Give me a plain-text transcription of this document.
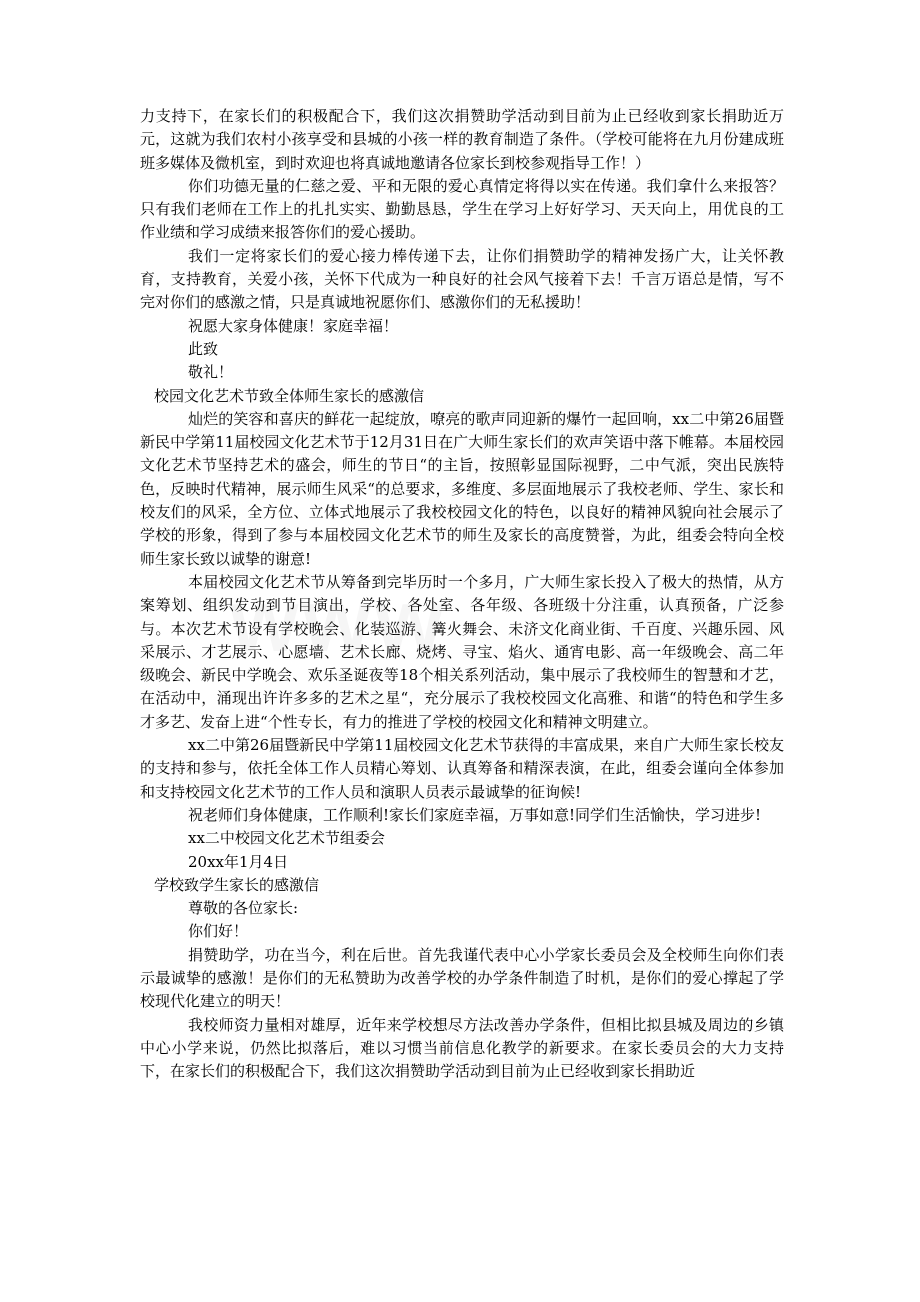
力支持下，在家长们的积极配合下，我们这次捐赞助学活动到目前为止已经收到家长捐助近万元，这就为我们农村小孩享受和县城的小孩一样的教育制造了条件。（学校可能将在九月份建成班班多媒体及微机室，到时欢迎也将真诚地邀请各位家长到校参观指导工作！）

你们功德无量的仁慈之爱、平和无限的爱心真情定将得以实在传递。我们拿什么来报答？只有我们老师在工作上的扎扎实实、勤勤恳恳，学生在学习上好好学习、天天向上，用优良的工作业绩和学习成绩来报答你们的爱心援助。

我们一定将家长们的爱心接力棒传递下去，让你们捐赞助学的精神发扬广大，让关怀教育，支持教育，关爱小孩，关怀下代成为一种良好的社会风气接着下去！千言万语总是情，写不完对你们的感激之情，只是真诚地祝愿你们、感激你们的无私援助！

祝愿大家身体健康！家庭幸福！

此致

敬礼！

校园文化艺术节致全体师生家长的感激信

灿烂的笑容和喜庆的鲜花一起绽放，嘹亮的歌声同迎新的爆竹一起回响，xx二中第26届暨新民中学第11届校园文化艺术节于12月31日在广大师生家长们的欢声笑语中落下帷幕。本届校园文化艺术节坚持艺术的盛会，师生的节日“的主旨，按照彰显国际视野，二中气派，突出民族特色，反映时代精神，展示师生风采“的总要求，多维度、多层面地展示了我校老师、学生、家长和校友们的风采，全方位、立体式地展示了我校校园文化的特色，以良好的精神风貌向社会展示了学校的形象，得到了参与本届校园文化艺术节的师生及家长的高度赞誉，为此，组委会特向全校师生家长致以诚挚的谢意!

本届校园文化艺术节从筹备到完毕历时一个多月，广大师生家长投入了极大的热情，从方案筹划、组织发动到节目演出，学校、各处室、各年级、各班级十分注重，认真预备，广泛参与。本次艺术节设有学校晚会、化装巡游、篝火舞会、未济文化商业街、千百度、兴趣乐园、风采展示、才艺展示、心愿墙、艺术长廊、烧烤、寻宝、焰火、通宵电影、高一年级晚会、高二年级晚会、新民中学晚会、欢乐圣诞夜等18个相关系列活动，集中展示了我校师生的智慧和才艺，在活动中，涌现出许许多多的艺术之星“，充分展示了我校校园文化高雅、和谐“的特色和学生多才多艺、发奋上进“个性专长，有力的推进了学校的校园文化和精神文明建立。

xx二中第26届暨新民中学第11届校园文化艺术节获得的丰富成果，来自广大师生家长校友的支持和参与，依托全体工作人员精心筹划、认真筹备和精深表演，在此，组委会谨向全体参加和支持校园文化艺术节的工作人员和演职人员表示最诚挚的征询候!

祝老师们身体健康，工作顺利!家长们家庭幸福，万事如意!同学们生活愉快，学习进步!

xx二中校园文化艺术节组委会

20xx年1月4日

学校致学生家长的感激信

尊敬的各位家长:

你们好！

捐赞助学，功在当今，利在后世。首先我谨代表中心小学家长委员会及全校师生向你们表示最诚挚的感激！是你们的无私赞助为改善学校的办学条件制造了时机，是你们的爱心撑起了学校现代化建立的明天！

我校师资力量相对雄厚，近年来学校想尽方法改善办学条件，但相比拟县城及周边的乡镇中心小学来说，仍然比拟落后，难以习惯当前信息化教学的新要求。在家长委员会的大力支持下，在家长们的积极配合下，我们这次捐赞助学活动到目前为止已经收到家长捐助近
